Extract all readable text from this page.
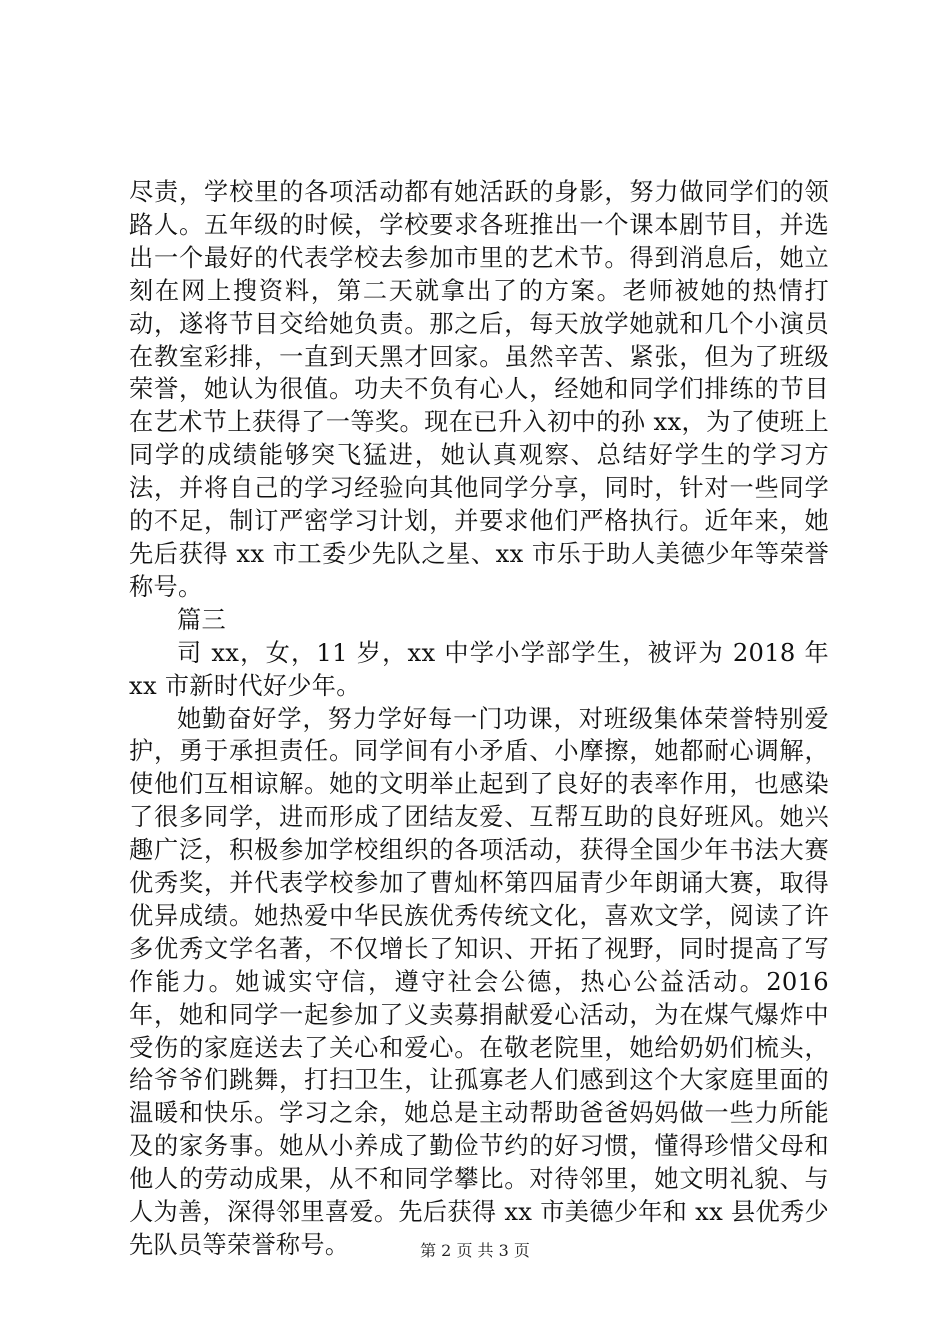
尽责，学校里的各项活动都有她活跃的身影，努力做同学们的领路人。五年级的时候，学校要求各班推出一个课本剧节目，并选出一个最好的代表学校去参加市里的艺术节。得到消息后，她立刻在网上搜资料，第二天就拿出了的方案。老师被她的热情打动，遂将节目交给她负责。那之后，每天放学她就和几个小演员在教室彩排，一直到天黑才回家。虽然辛苦、紧张，但为了班级荣誉，她认为很值。功夫不负有心人，经她和同学们排练的节目在艺术节上获得了一等奖。现在已升入初中的孙 xx，为了使班上同学的成绩能够突飞猛进，她认真观察、总结好学生的学习方法，并将自己的学习经验向其他同学分享，同时，针对一些同学的不足，制订严密学习计划，并要求他们严格执行。近年来，她先后获得 xx 市工委少先队之星、xx 市乐于助人美德少年等荣誉称号。

篇三

司 xx，女，11 岁，xx 中学小学部学生，被评为 2018 年 xx 市新时代好少年。

她勤奋好学，努力学好每一门功课，对班级集体荣誉特别爱护，勇于承担责任。同学间有小矛盾、小摩擦，她都耐心调解，使他们互相谅解。她的文明举止起到了良好的表率作用，也感染了很多同学，进而形成了团结友爱、互帮互助的良好班风。她兴趣广泛，积极参加学校组织的各项活动，获得全国少年书法大赛优秀奖，并代表学校参加了曹灿杯第四届青少年朗诵大赛，取得优异成绩。她热爱中华民族优秀传统文化，喜欢文学，阅读了许多优秀文学名著，不仅增长了知识、开拓了视野，同时提高了写作能力。她诚实守信，遵守社会公德，热心公益活动。2016 年，她和同学一起参加了义卖募捐献爱心活动，为在煤气爆炸中受伤的家庭送去了关心和爱心。在敬老院里，她给奶奶们梳头，给爷爷们跳舞，打扫卫生，让孤寡老人们感到这个大家庭里面的温暖和快乐。学习之余，她总是主动帮助爸爸妈妈做一些力所能及的家务事。她从小养成了勤俭节约的好习惯，懂得珍惜父母和他人的劳动成果，从不和同学攀比。对待邻里，她文明礼貌、与人为善，深得邻里喜爱。先后获得 xx 市美德少年和 xx 县优秀少先队员等荣誉称号。	第 2 页 共 3 页
